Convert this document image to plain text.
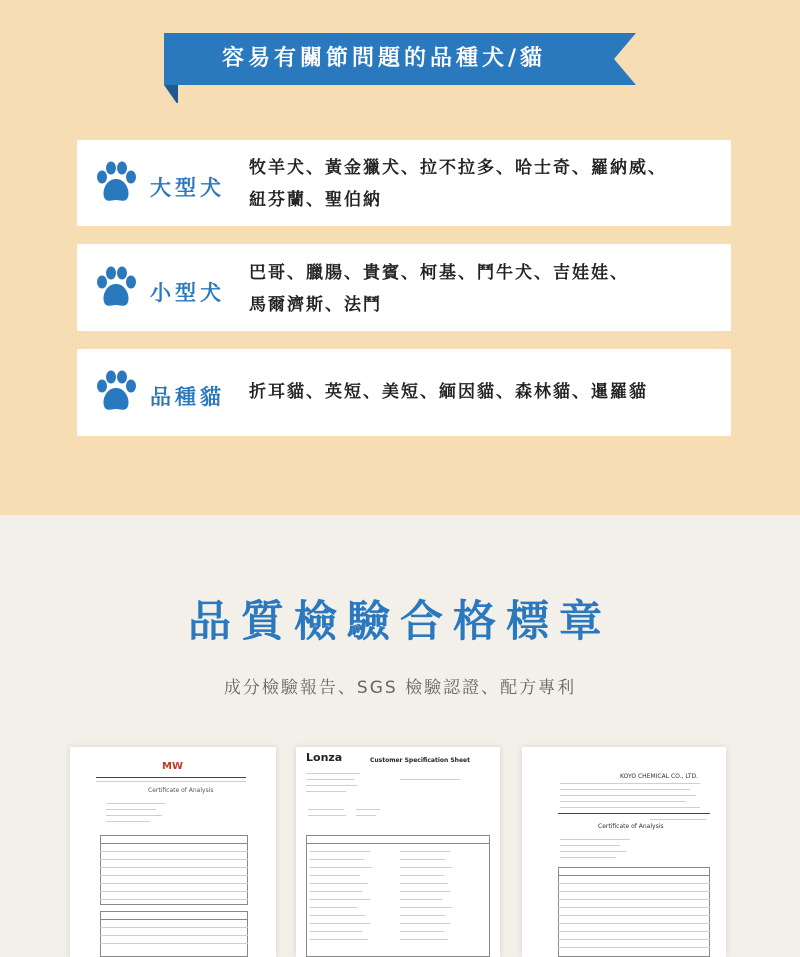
容易有關節問題的品種犬/貓
大型犬
牧羊犬、黃金獵犬、拉不拉多、哈士奇、羅納威、
紐芬蘭、聖伯納
小型犬
巴哥、臘腸、貴賓、柯基、鬥牛犬、吉娃娃、
馬爾濟斯、法鬥
品種貓 折耳貓、英短、美短、緬因貓、森林貓、暹羅貓
品質檢驗合格標章
成分檢驗報告、SGS 檢驗認證、配方專利
MW
Certificate of Analysis
Lonza	Customer Specification Sheet
KOYO CHEMICAL CO., LTD.
Certificate of Analysis
